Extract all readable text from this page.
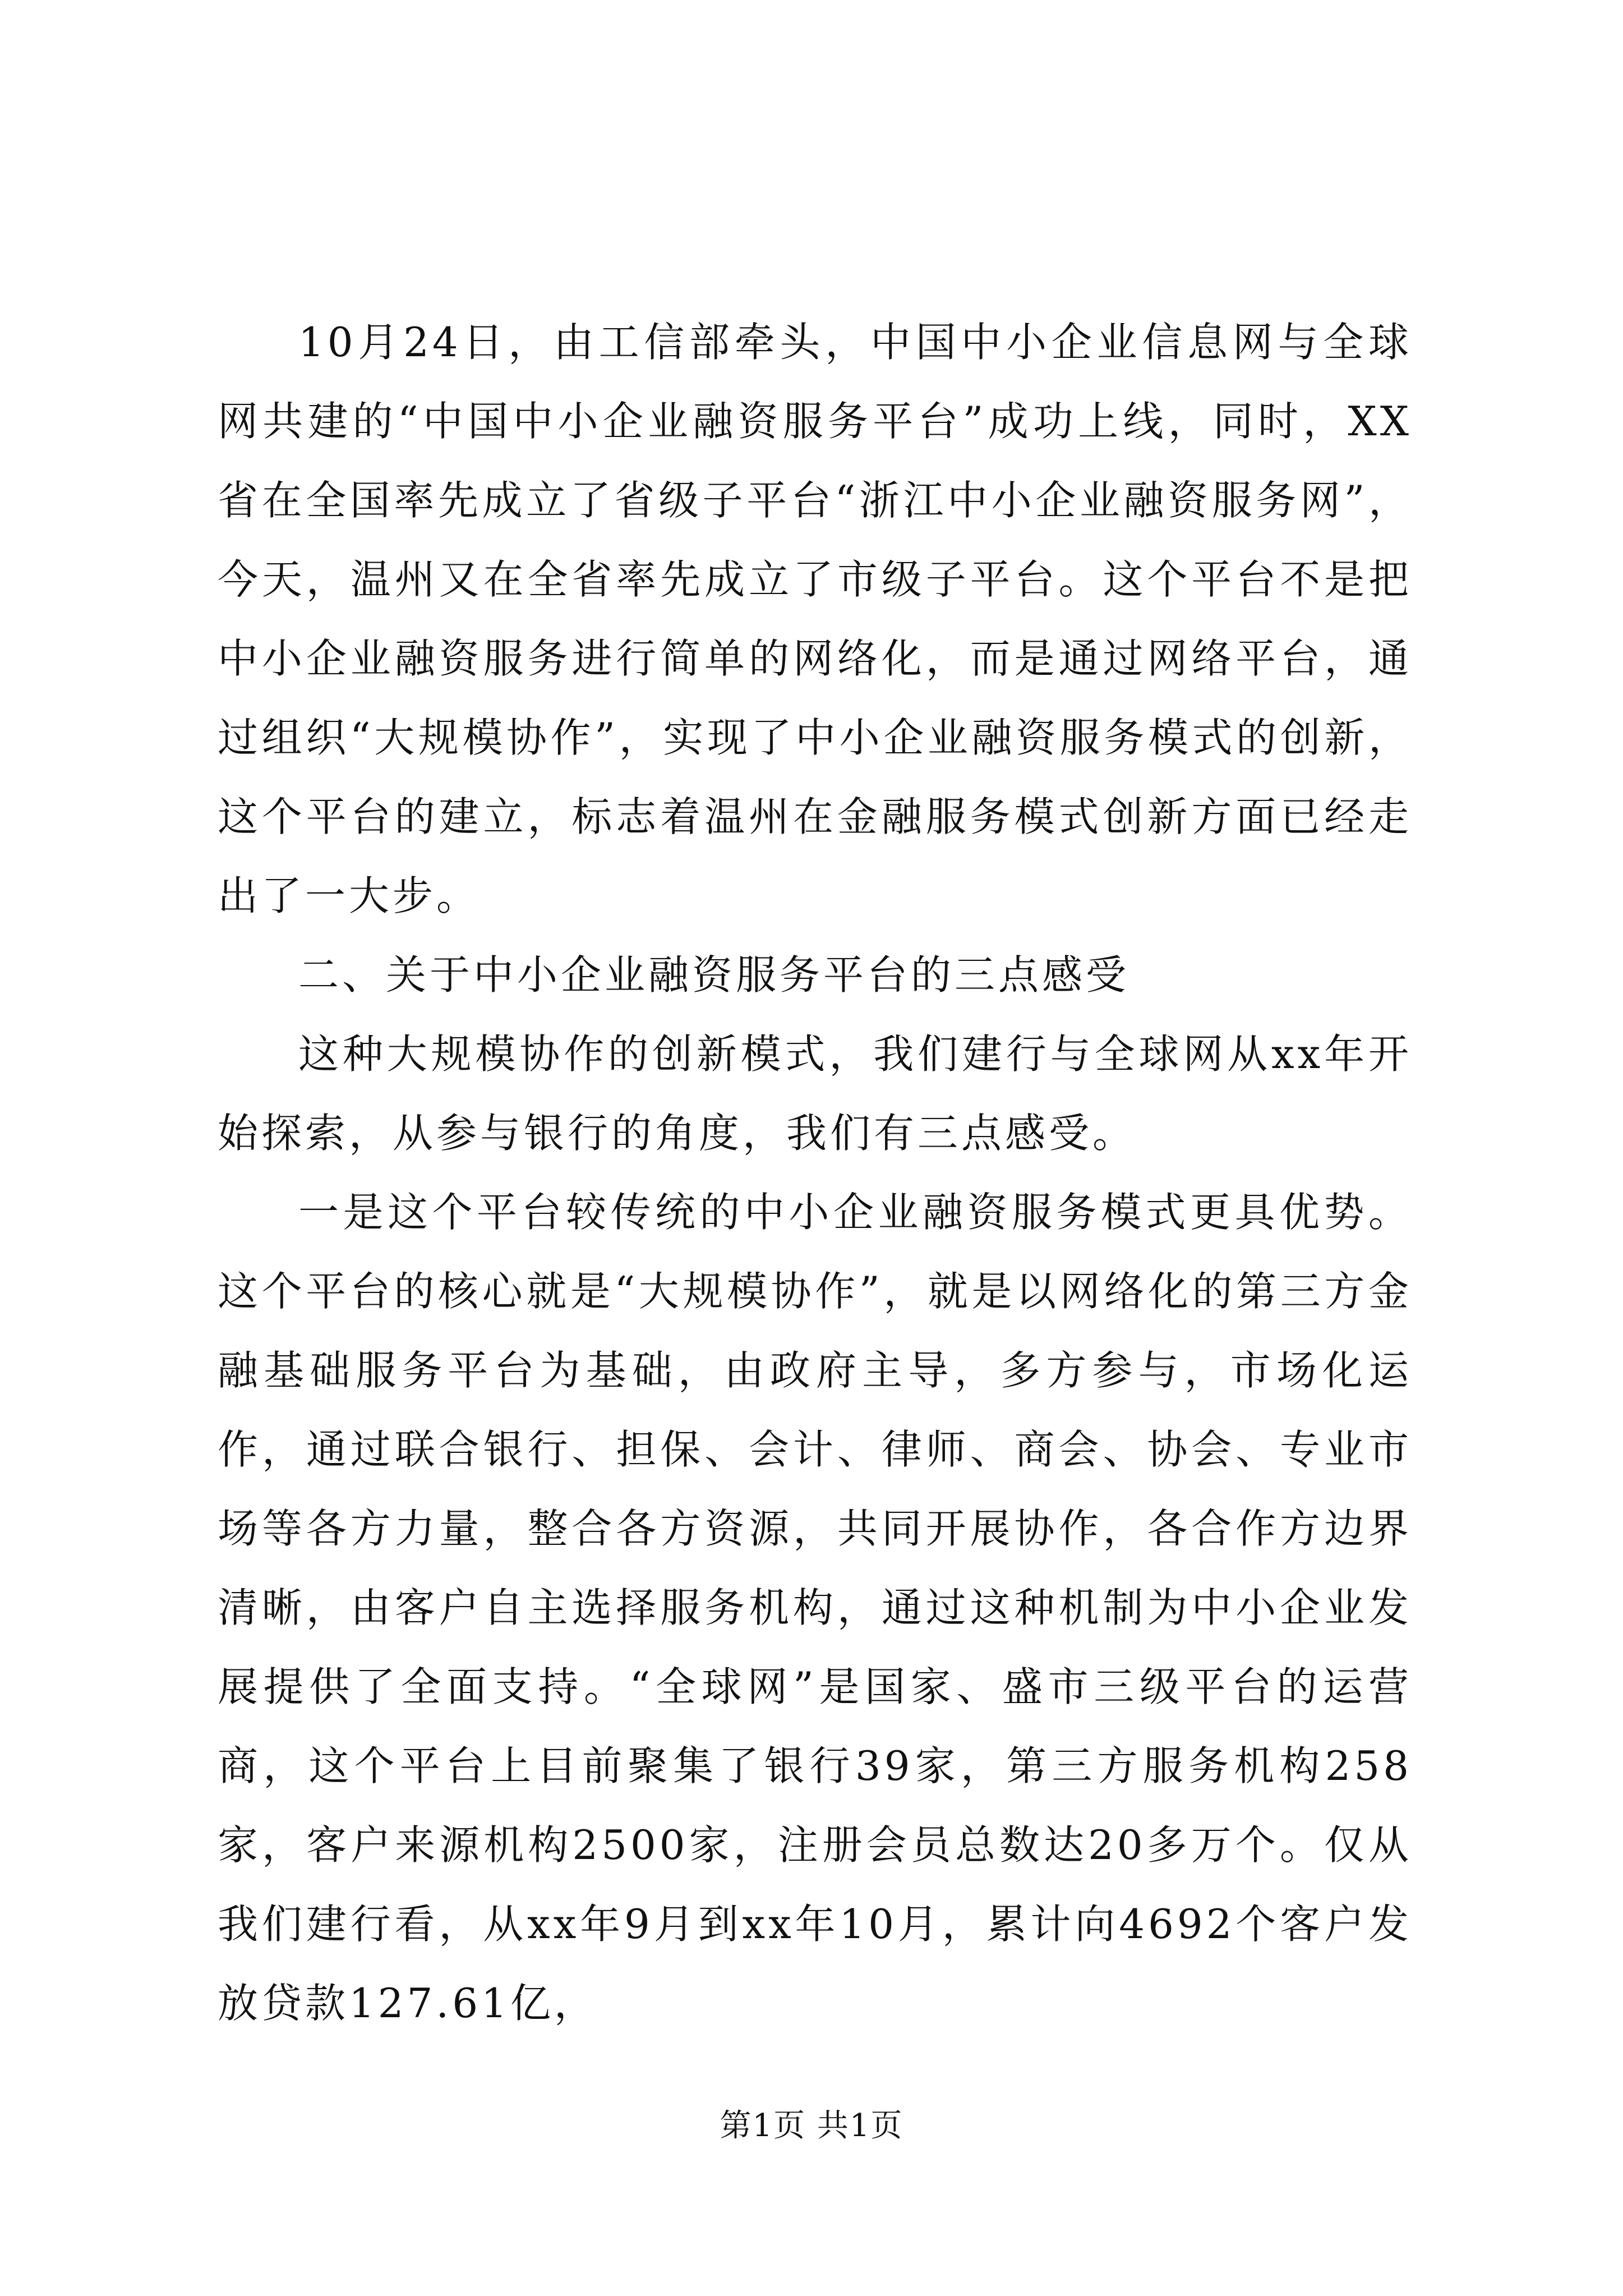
10月24日，由工信部牵头，中国中小企业信息网与全球网共建的“中国中小企业融资服务平台”成功上线，同时，XX省在全国率先成立了省级子平台“浙江中小企业融资服务网”，今天，温州又在全省率先成立了市级子平台。这个平台不是把中小企业融资服务进行简单的网络化，而是通过网络平台，通过组织“大规模协作”，实现了中小企业融资服务模式的创新，这个平台的建立，标志着温州在金融服务模式创新方面已经走出了一大步。

二、关于中小企业融资服务平台的三点感受

这种大规模协作的创新模式，我们建行与全球网从xx年开始探索，从参与银行的角度，我们有三点感受。

一是这个平台较传统的中小企业融资服务模式更具优势。这个平台的核心就是“大规模协作”，就是以网络化的第三方金融基础服务平台为基础，由政府主导，多方参与，市场化运作，通过联合银行、担保、会计、律师、商会、协会、专业市场等各方力量，整合各方资源，共同开展协作，各合作方边界清晰，由客户自主选择服务机构，通过这种机制为中小企业发展提供了全面支持。“全球网”是国家、盛市三级平台的运营商，这个平台上目前聚集了银行39家，第三方服务机构258家，客户来源机构2500家，注册会员总数达20多万个。仅从我们建行看，从xx年9月到xx年10月，累计向4692个客户发放贷款127.61亿，

第1页 共1页
